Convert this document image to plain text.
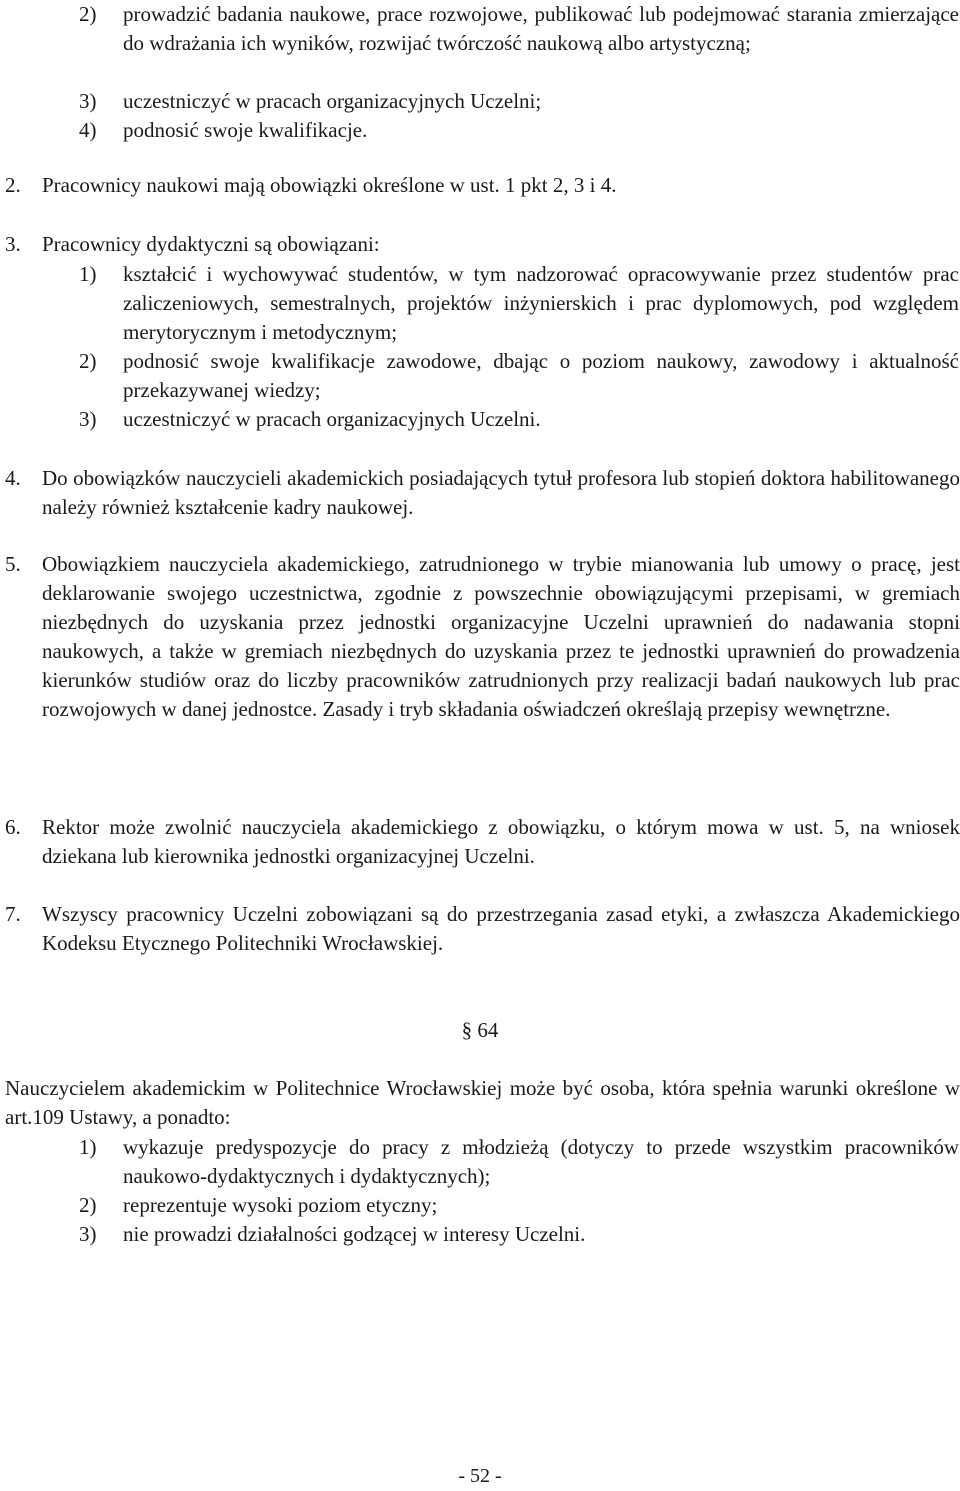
2) prowadzić badania naukowe, prace rozwojowe, publikować lub podejmować starania zmierzające do wdrażania ich wyników, rozwijać twórczość naukową albo artystyczną;
3) uczestniczyć w pracach organizacyjnych Uczelni;
4) podnosić swoje kwalifikacje.
2. Pracownicy naukowi mają obowiązki określone w ust. 1 pkt 2, 3 i 4.
3. Pracownicy dydaktyczni są obowiązani:
1) kształcić i wychowywać studentów, w tym nadzorować opracowywanie przez studentów prac zaliczeniowych, semestralnych, projektów inżynierskich i prac dyplomowych, pod względem merytorycznym i metodycznym;
2) podnosić swoje kwalifikacje zawodowe, dbając o poziom naukowy, zawodowy i aktualność przekazywanej wiedzy;
3) uczestniczyć w pracach organizacyjnych Uczelni.
4. Do obowiązków nauczycieli akademickich posiadających tytuł profesora lub stopień doktora habilitowanego należy również kształcenie kadry naukowej.
5. Obowiązkiem nauczyciela akademickiego, zatrudnionego w trybie mianowania lub umowy o pracę, jest deklarowanie swojego uczestnictwa, zgodnie z powszechnie obowiązującymi przepisami, w gremiach niezbędnych do uzyskania przez jednostki organizacyjne Uczelni uprawnień do nadawania stopni naukowych, a także w gremiach niezbędnych do uzyskania przez te jednostki uprawnień do prowadzenia kierunków studiów oraz do liczby pracowników zatrudnionych przy realizacji badań naukowych lub prac rozwojowych w danej jednostce. Zasady i tryb składania oświadczeń określają przepisy wewnętrzne.
6. Rektor może zwolnić nauczyciela akademickiego z obowiązku, o którym mowa w ust. 5, na wniosek dziekana lub kierownika jednostki organizacyjnej Uczelni.
7. Wszyscy pracownicy Uczelni zobowiązani są do przestrzegania zasad etyki, a zwłaszcza Akademickiego Kodeksu Etycznego Politechniki Wrocławskiej.
§ 64
Nauczycielem akademickim w Politechnice Wrocławskiej może być osoba, która spełnia warunki określone w art.109 Ustawy, a ponadto:
1) wykazuje predyspozycje do pracy z młodzieżą (dotyczy to przede wszystkim pracowników naukowo-dydaktycznych i dydaktycznych);
2) reprezentuje wysoki poziom etyczny;
3) nie prowadzi działalności godzącej w interesy Uczelni.
- 52 -
